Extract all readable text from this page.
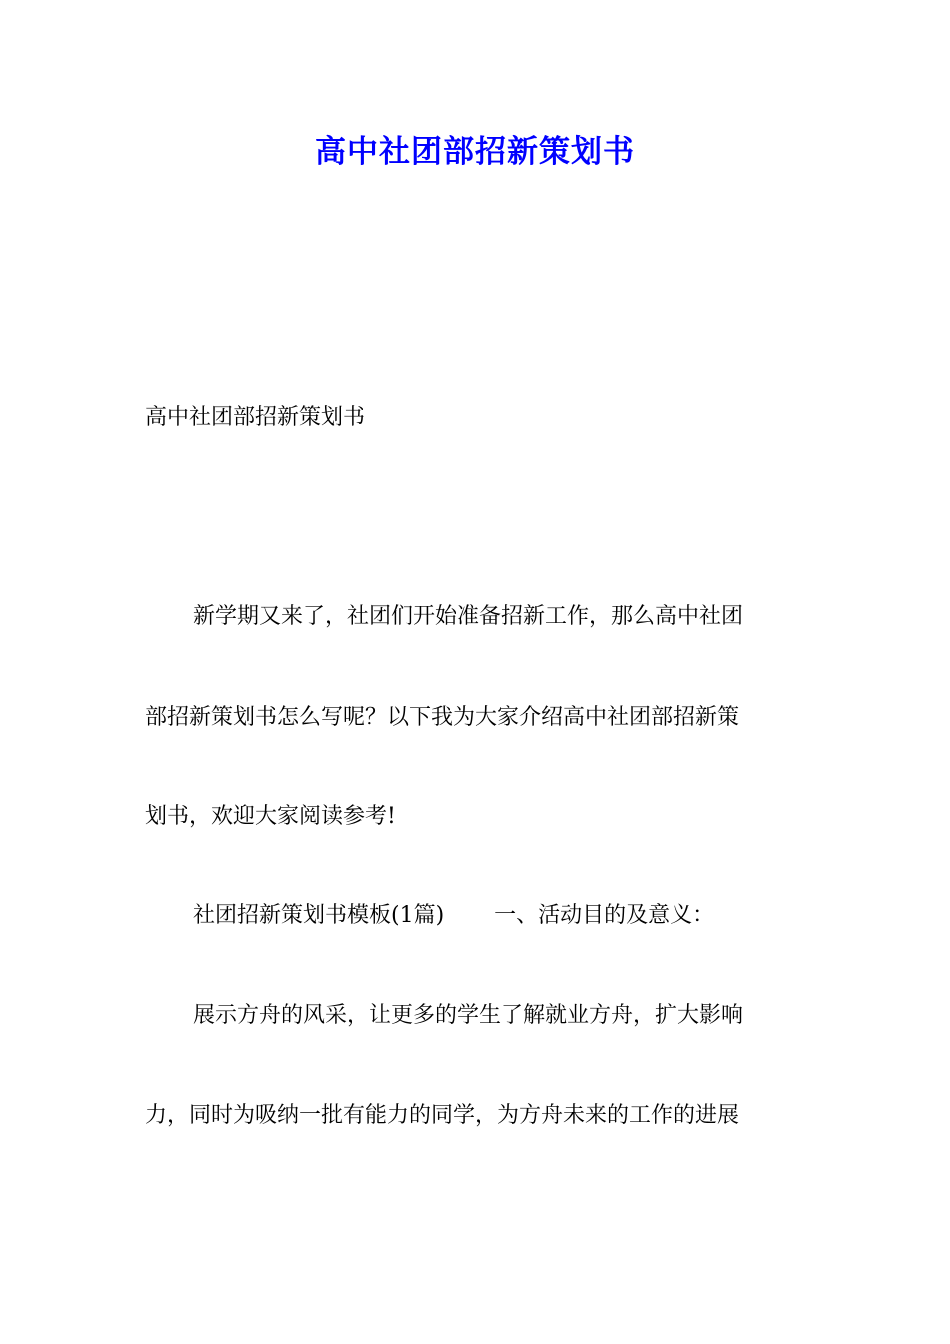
高中社团部招新策划书

高中社团部招新策划书

新学期又来了，社团们开始准备招新工作，那么高中社团

部招新策划书怎么写呢？以下我为大家介绍高中社团部招新策

划书，欢迎大家阅读参考!

社团招新策划书模板(1篇) 一、活动目的及意义：

展示方舟的风采，让更多的学生了解就业方舟，扩大影响

力，同时为吸纳一批有能力的同学，为方舟未来的工作的进展
